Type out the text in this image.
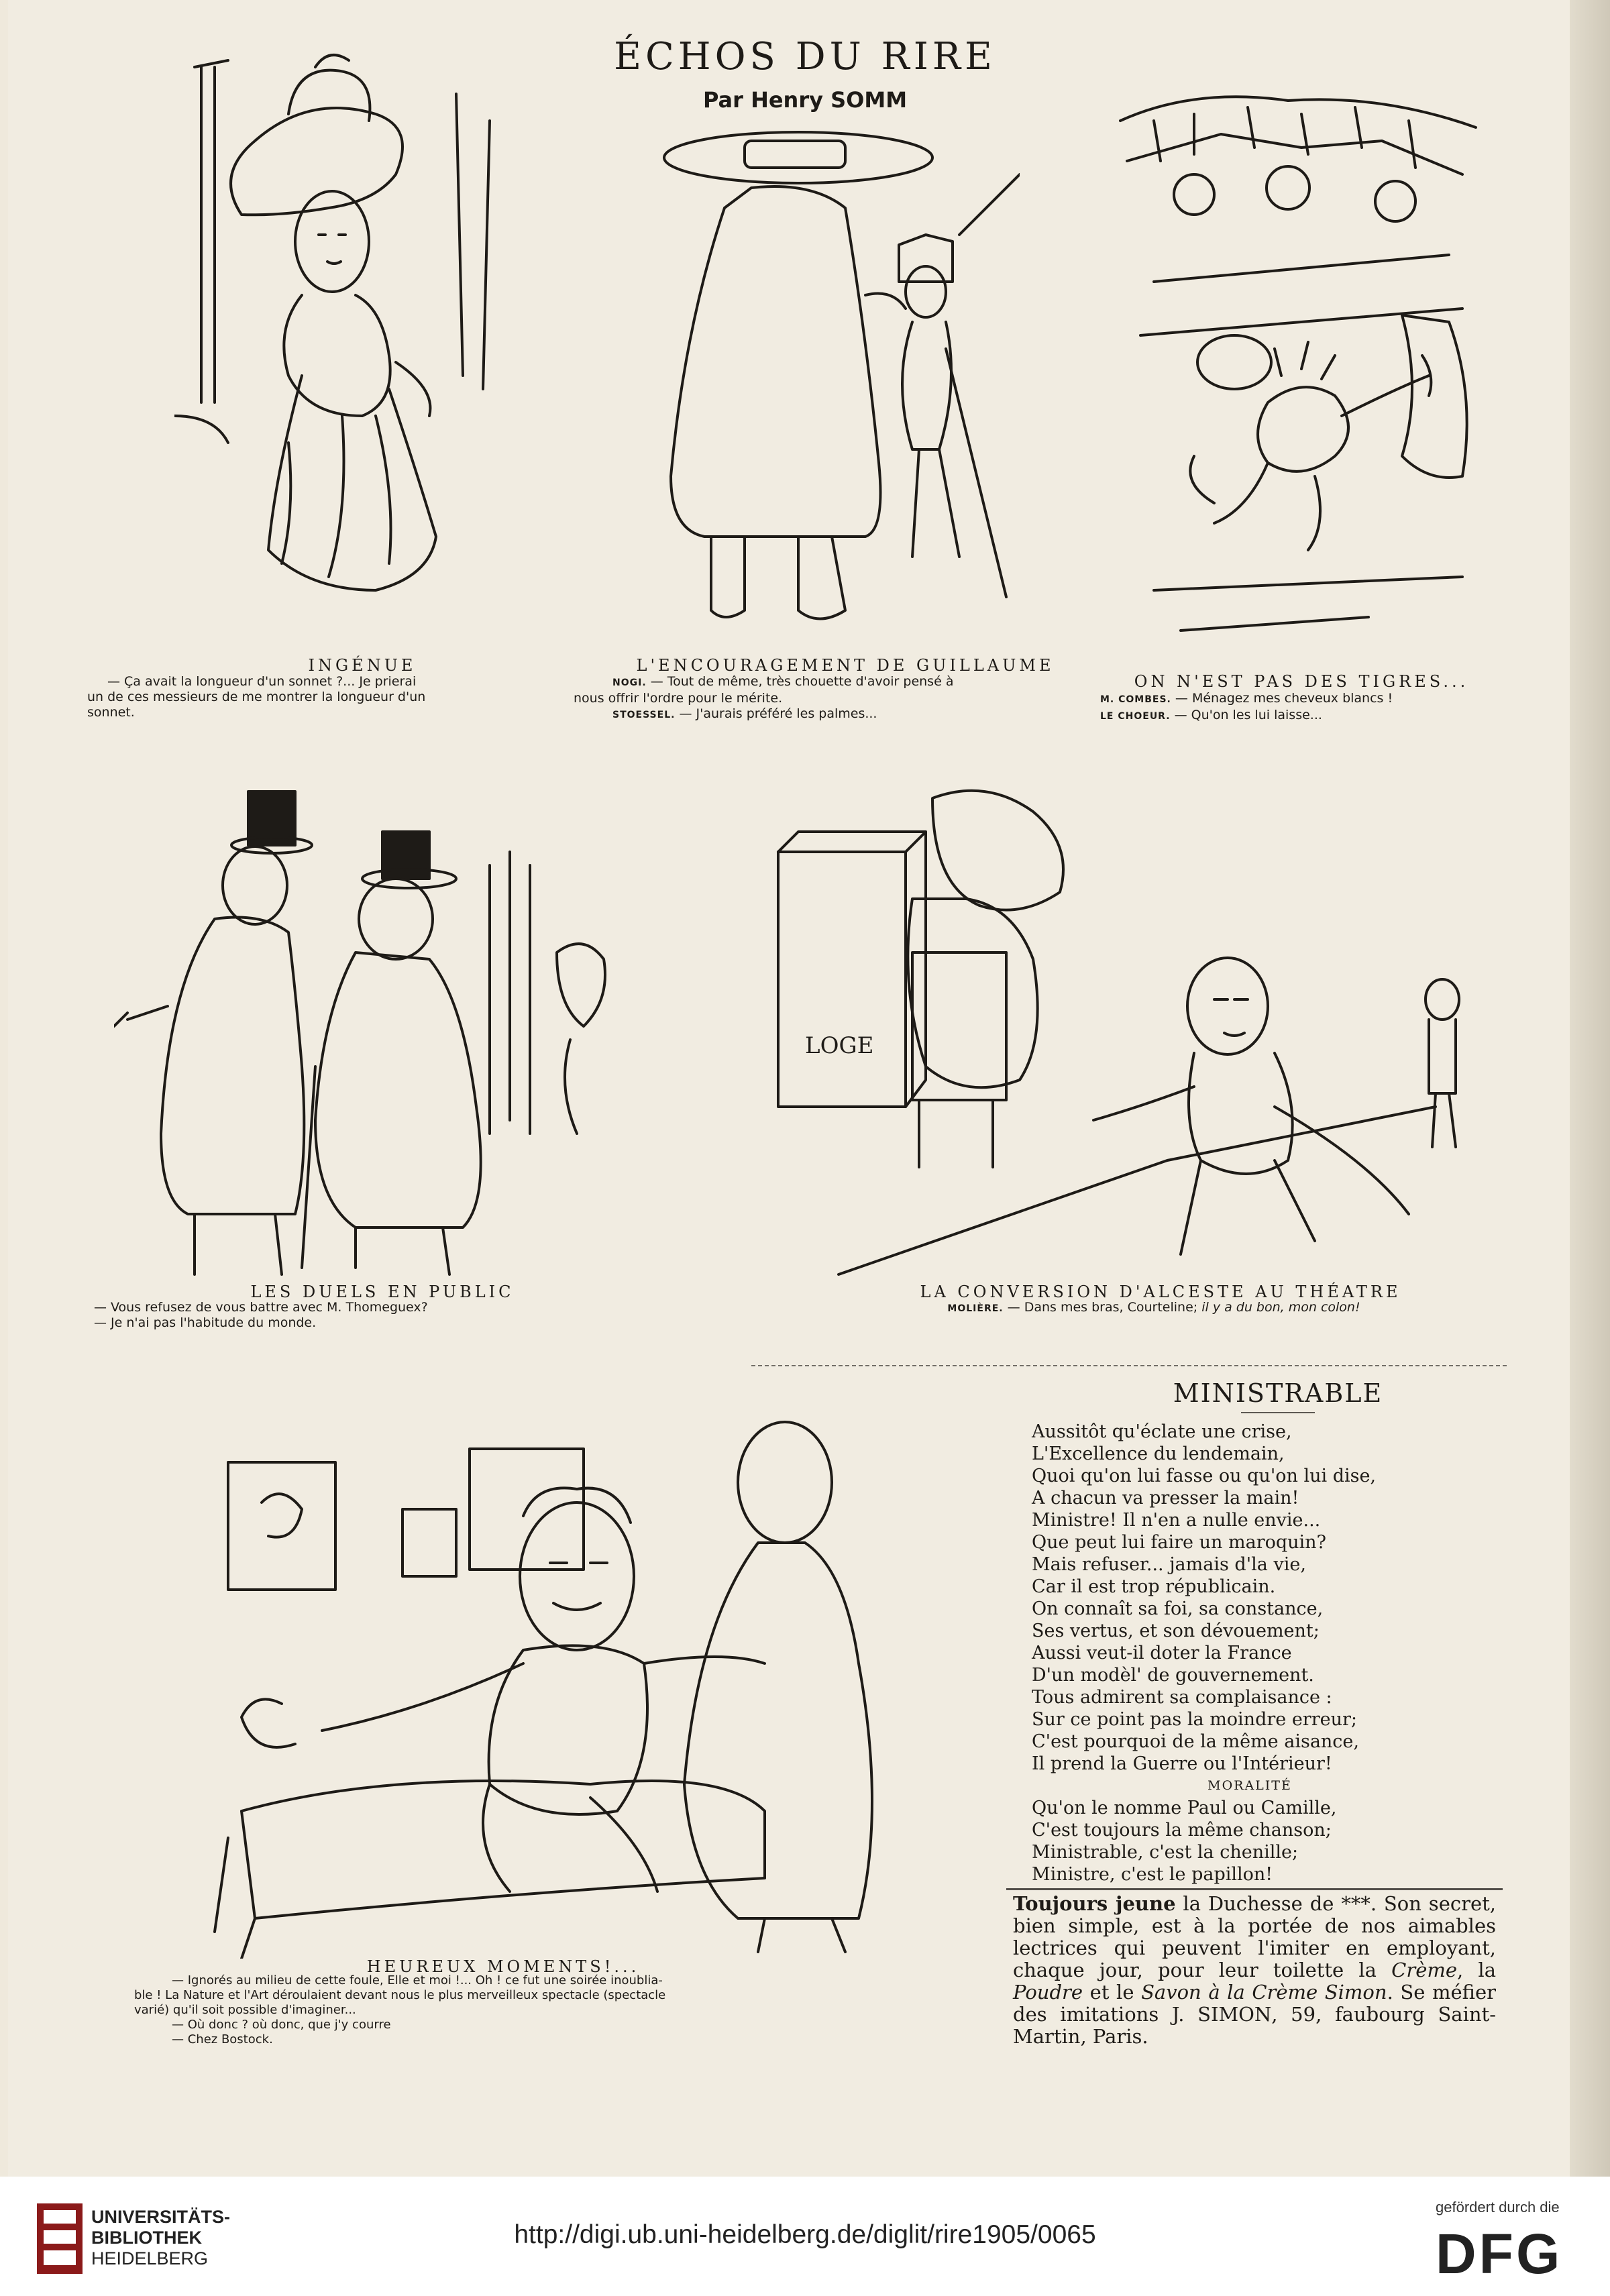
ÉCHOS DU RIRE
Par Henry SOMM
INGÉNUE
— Ça avait la longueur d'un sonnet ?... Je prierai
un de ces messieurs de me montrer la longueur d'un
sonnet.
L'ENCOURAGEMENT DE GUILLAUME
NOGI. — Tout de même, très chouette d'avoir pensé à
nous offrir l'ordre pour le mérite.
STOESSEL. — J'aurais préféré les palmes...
ON N'EST PAS DES TIGRES...
M. COMBES. — Ménagez mes cheveux blancs !
LE CHOEUR. — Qu'on les lui laisse...
LOGE
LES DUELS EN PUBLIC
— Vous refusez de vous battre avec M. Thomeguex?
— Je n'ai pas l'habitude du monde.
LA CONVERSION D'ALCESTE AU THÉATRE
MOLIÈRE. — Dans mes bras, Courteline; il y a du bon, mon colon!
HEUREUX MOMENTS!...
— Ignorés au milieu de cette foule, Elle et moi !... Oh ! ce fut une soirée inoublia-
ble ! La Nature et l'Art déroulaient devant nous le plus merveilleux spectacle (spectacle
varié) qu'il soit possible d'imaginer...
— Où donc ? où donc, que j'y courre
— Chez Bostock.
MINISTRABLE
Aussitôt qu'éclate une crise,
L'Excellence du lendemain,
Quoi qu'on lui fasse ou qu'on lui dise,
A chacun va presser la main!
Ministre! Il n'en a nulle envie...
Que peut lui faire un maroquin?
Mais refuser... jamais d'la vie,
Car il est trop républicain.
On connaît sa foi, sa constance,
Ses vertus, et son dévouement;
Aussi veut-il doter la France
D'un modèl' de gouvernement.
Tous admirent sa complaisance :
Sur ce point pas la moindre erreur;
C'est pourquoi de la même aisance,
Il prend la Guerre ou l'Intérieur!
MORALITÉ
Qu'on le nomme Paul ou Camille,
C'est toujours la même chanson;
Ministrable, c'est la chenille;
Ministre, c'est le papillon!
Toujours jeune la Duchesse de ***. Son secret, bien simple, est à la portée de nos aimables lectrices qui peuvent l'imiter en employant, chaque jour, pour leur toilette la Crème, la Poudre et le Savon à la Crème Simon. Se méfier des imitations J. SIMON, 59, faubourg Saint-Martin, Paris.
UNIVERSITÄTS-
BIBLIOTHEK
HEIDELBERG
http://digi.ub.uni-heidelberg.de/diglit/rire1905/0065
gefördert durch die
DFG
